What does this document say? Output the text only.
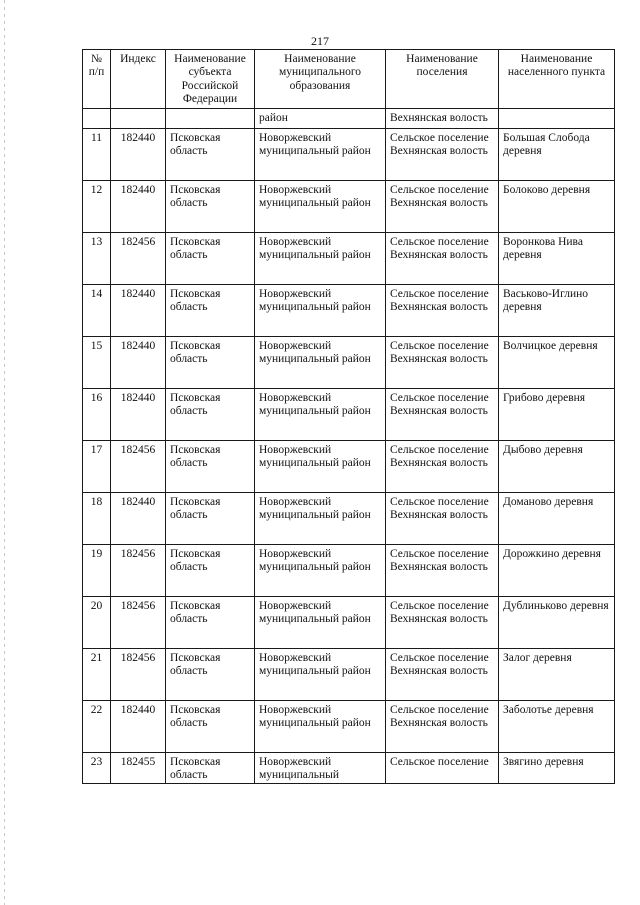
217
№ п/п	Индекс	Наименование субъекта Российской Федерации	Наименование муниципального образования	Наименование поселения	Наименование населенного пункта
			район	Вехнянская волость	
11	182440	Псковская область	Новоржевский муниципальный район	Сельское поселение Вехнянская волость	Большая Слобода деревня
12	182440	Псковская область	Новоржевский муниципальный район	Сельское поселение Вехнянская волость	Болоково деревня
13	182456	Псковская область	Новоржевский муниципальный район	Сельское поселение Вехнянская волость	Воронкова Нива деревня
14	182440	Псковская область	Новоржевский муниципальный район	Сельское поселение Вехнянская волость	Васьково-Иглино деревня
15	182440	Псковская область	Новоржевский муниципальный район	Сельское поселение Вехнянская волость	Волчицкое деревня
16	182440	Псковская область	Новоржевский муниципальный район	Сельское поселение Вехнянская волость	Грибово деревня
17	182456	Псковская область	Новоржевский муниципальный район	Сельское поселение Вехнянская волость	Дыбово деревня
18	182440	Псковская область	Новоржевский муниципальный район	Сельское поселение Вехнянская волость	Доманово деревня
19	182456	Псковская область	Новоржевский муниципальный район	Сельское поселение Вехнянская волость	Дорожкино деревня
20	182456	Псковская область	Новоржевский муниципальный район	Сельское поселение Вехнянская волость	Дублиньково деревня
21	182456	Псковская область	Новоржевский муниципальный район	Сельское поселение Вехнянская волость	Залог деревня
22	182440	Псковская область	Новоржевский муниципальный район	Сельское поселение Вехнянская волость	Заболотье деревня
23	182455	Псковская область	Новоржевский муниципальный	Сельское поселение	Звягино деревня
